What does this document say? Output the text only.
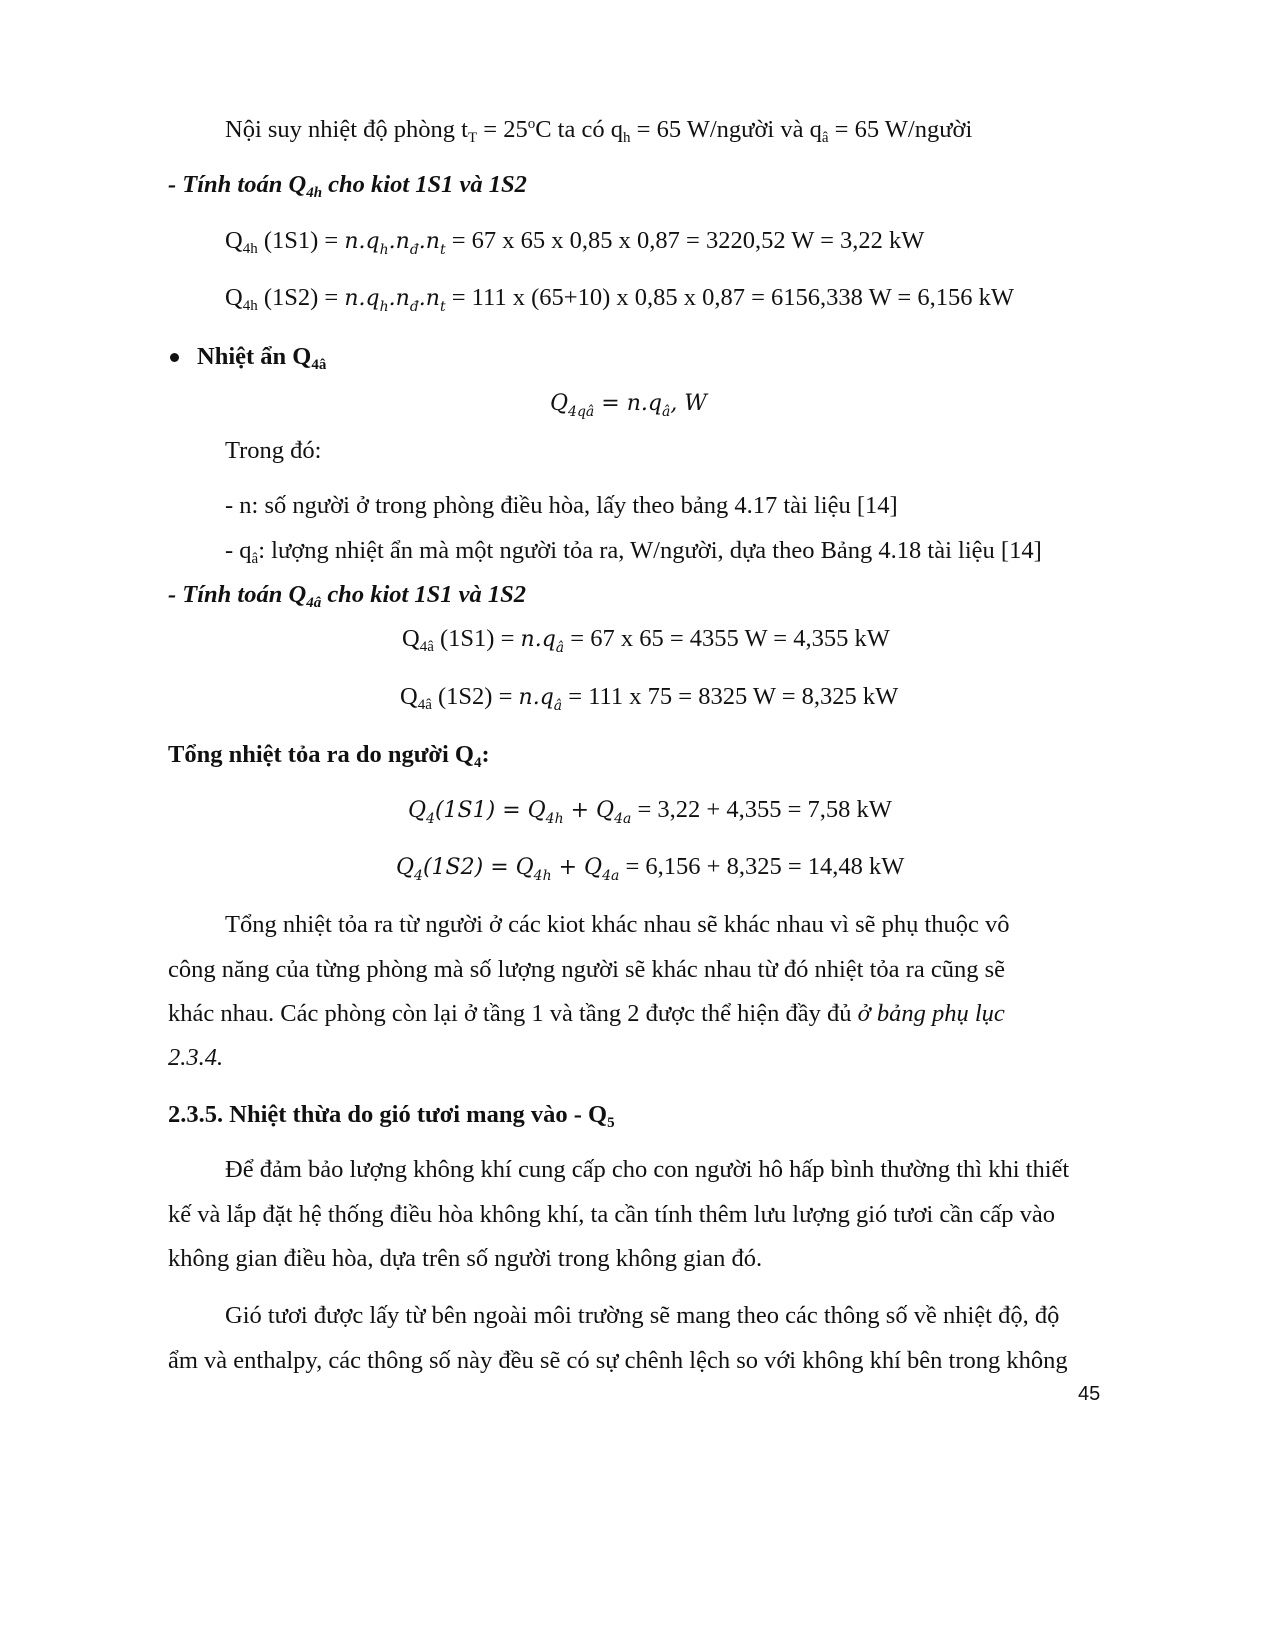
Nội suy nhiệt độ phòng $t_T = 25^oC$ ta có $q_h = 65$ W/người và $q_â = 65$ W/người
- Tính toán $Q_{4h}$ cho kiot 1S1 và 1S2
$Q_{4h}$ $(1S1) = n.q_h.n_đ.n_t = 67$ x 65 x 0,85 x 0,87 = 3220,52 W = 3,22 kW
$Q_{4h}$ $(1S2) = n.q_h.n_đ.n_t = 111$ x (65+10) x 0,85 x 0,87 = 6156,338 W = 6,156 kW
Nhiệt ẩn $Q_{4â}$
$Q_{4qâ} = n.q_â$, W
Trong đó:
- n: số người ở trong phòng điều hòa, lấy theo bảng 4.17 tài liệu [14]
- $q_â$: lượng nhiệt ẩn mà một người tỏa ra, W/người, dựa theo Bảng 4.18 tài liệu [14]
- Tính toán $Q_{4â}$ cho kiot 1S1 và 1S2
$Q_{4â}$ $(1S1) = n.q_â = 67$ x 65 = 4355 W = 4,355 kW
$Q_{4â}$ $(1S2) = n.q_â = 111$ x 75 = 8325 W = 8,325 kW
Tổng nhiệt tỏa ra do người $Q_4$:
$Q_4(1S1) = Q_{4h} + Q_{4a} = 3,22 + 4,355 = 7,58$ kW
$Q_4(1S2) = Q_{4h} + Q_{4a} = 6,156 + 8,325 = 14,48$ kW
Tổng nhiệt tỏa ra từ người ở các kiot khác nhau sẽ khác nhau vì sẽ phụ thuộc vô
công năng của từng phòng mà số lượng người sẽ khác nhau từ đó nhiệt tỏa ra cũng sẽ
khác nhau. Các phòng còn lại ở tầng 1 và tầng 2 được thể hiện đầy đủ ở bảng phụ lục
2.3.4.
2.3.5. Nhiệt thừa do gió tươi mang vào - $Q_5$
Để đảm bảo lượng không khí cung cấp cho con người hô hấp bình thường thì khi thiết
kế và lắp đặt hệ thống điều hòa không khí, ta cần tính thêm lưu lượng gió tươi cần cấp vào
không gian điều hòa, dựa trên số người trong không gian đó.
Gió tươi được lấy từ bên ngoài môi trường sẽ mang theo các thông số về nhiệt độ, độ
ẩm và enthalpy, các thông số này đều sẽ có sự chênh lệch so với không khí bên trong không
45
